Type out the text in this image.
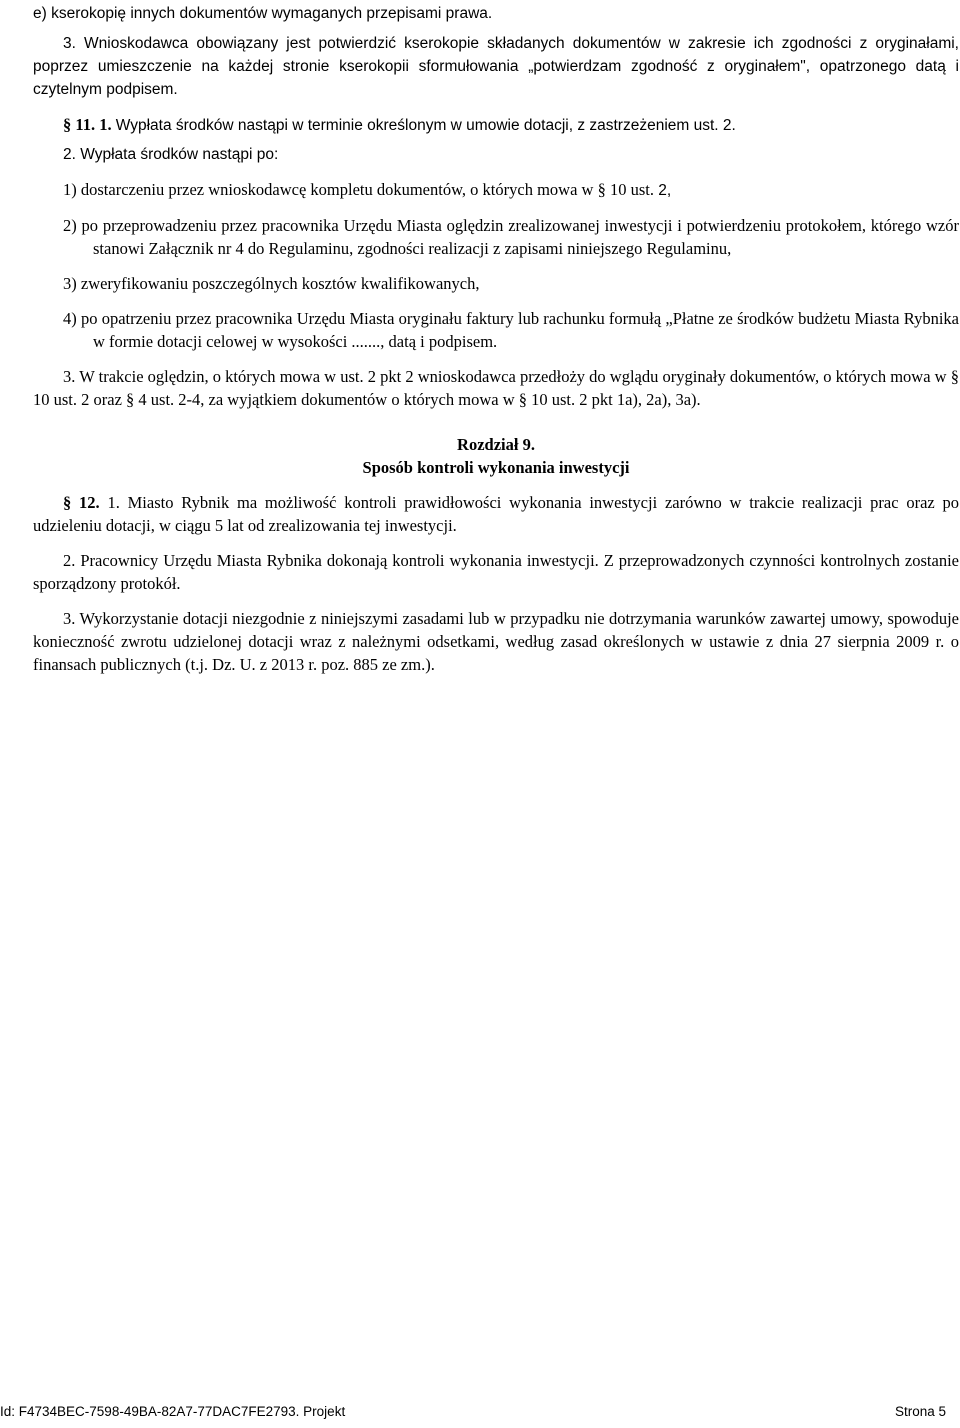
e) kserokopię innych dokumentów wymaganych przepisami prawa.

3. Wnioskodawca obowiązany jest potwierdzić kserokopie składanych dokumentów w zakresie ich zgodności z oryginałami, poprzez umieszczenie na każdej stronie kserokopii sformułowania „potwierdzam zgodność z oryginałem", opatrzonego datą i czytelnym podpisem.

§ 11. 1. Wypłata środków nastąpi w terminie określonym w umowie dotacji, z zastrzeżeniem ust. 2.

2. Wypłata środków nastąpi po:

1) dostarczeniu przez wnioskodawcę kompletu dokumentów, o których mowa w § 10 ust. 2,

2) po przeprowadzeniu przez pracownika Urzędu Miasta oględzin zrealizowanej inwestycji i potwierdzeniu protokołem, którego wzór stanowi Załącznik nr 4 do Regulaminu, zgodności realizacji z zapisami niniejszego Regulaminu,

3) zweryfikowaniu poszczególnych kosztów kwalifikowanych,

4) po opatrzeniu przez pracownika Urzędu Miasta oryginału faktury lub rachunku formułą „Płatne ze środków budżetu Miasta Rybnika w formie dotacji celowej w wysokości ......., datą i podpisem.

3. W trakcie oględzin, o których mowa w ust. 2 pkt 2 wnioskodawca przedłoży do wglądu oryginały dokumentów, o których mowa w § 10 ust. 2 oraz § 4 ust. 2-4, za wyjątkiem dokumentów o których mowa w § 10 ust. 2 pkt 1a), 2a), 3a).

Rozdział 9.

Sposób kontroli wykonania inwestycji

§ 12. 1. Miasto Rybnik ma możliwość kontroli prawidłowości wykonania inwestycji zarówno w trakcie realizacji prac oraz po udzieleniu dotacji, w ciągu 5 lat od zrealizowania tej inwestycji.

2. Pracownicy Urzędu Miasta Rybnika dokonają kontroli wykonania inwestycji. Z przeprowadzonych czynności kontrolnych zostanie sporządzony protokół.

3. Wykorzystanie dotacji niezgodnie z niniejszymi zasadami lub w przypadku nie dotrzymania warunków zawartej umowy, spowoduje konieczność zwrotu udzielonej dotacji wraz z należnymi odsetkami, według zasad określonych w ustawie z dnia 27 sierpnia 2009 r. o finansach publicznych (t.j. Dz. U. z 2013 r. poz. 885 ze zm.).

Id: F4734BEC-7598-49BA-82A7-77DAC7FE2793. Projekt	Strona 5
